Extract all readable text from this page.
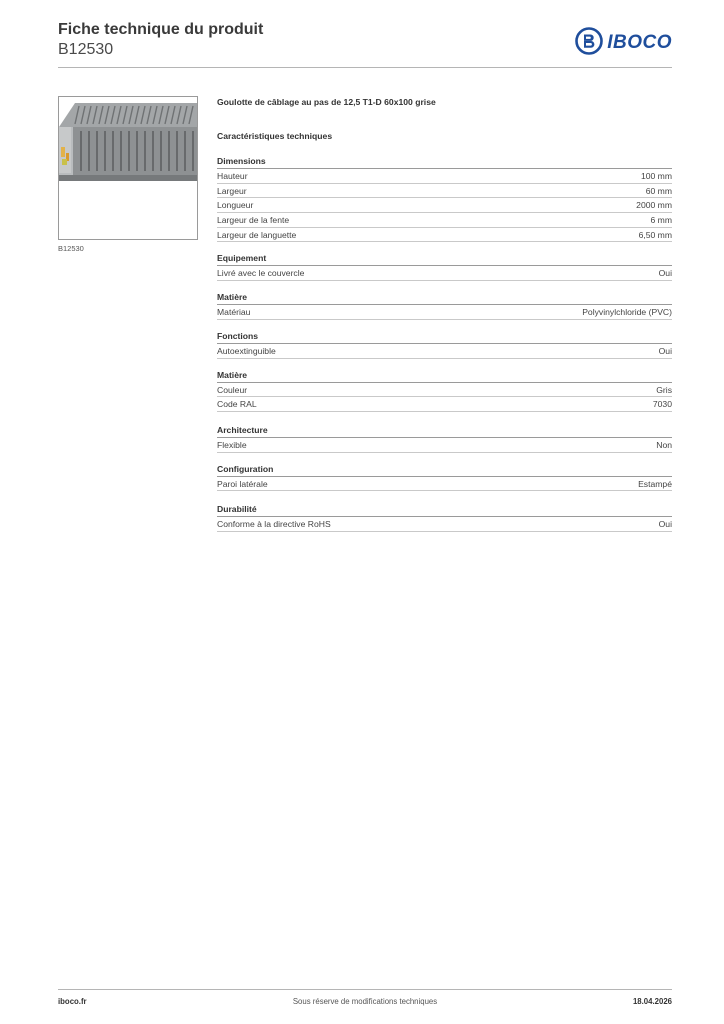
Fiche technique du produit
B12530	IBOCO
B12530
Goulotte de câblage au pas de 12,5 T1-D 60x100 grise
Caractéristiques techniques
Dimensions
Hauteur	100 mm
Largeur	60 mm
Longueur	2000 mm
Largeur de la fente	6 mm
Largeur de languette	6,50 mm
Equipement
Livré avec le couvercle	Oui
Matière
Matériau	Polyvinylchloride (PVC)
Fonctions
Autoextinguible	Oui
Matière
Couleur	Gris
Code RAL	7030
Architecture
Flexible	Non
Configuration
Paroi latérale	Estampé
Durabilité
Conforme à la directive RoHS	Oui
iboco.fr	Sous réserve de modifications techniques	18.04.2026
